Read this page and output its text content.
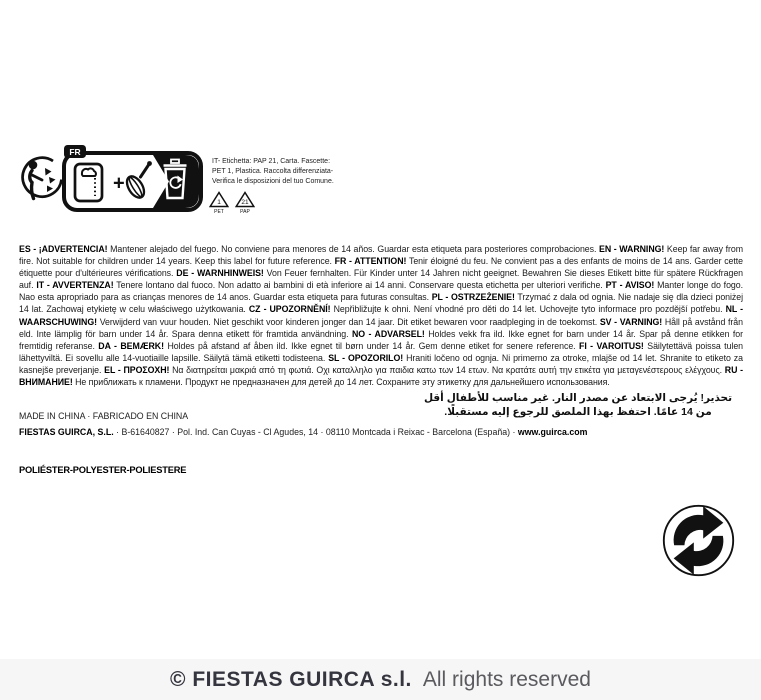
FR
+
IT- Etichetta: PAP 21, Carta. Fascette:
PET 1, Plastica. Raccolta differenziata-
Verifica le disposizioni del tuo Comune.
1
PET
21
PAP

ES - ¡ADVERTENCIA! Mantener alejado del fuego. No conviene para menores de 14 años. Guardar esta etiqueta para posteriores comprobaciones. EN - WARNING! Keep far away from fire. Not suitable for children under 14 years. Keep this label for future reference. FR - ATTENTION! Tenir éloigné du feu. Ne convient pas a des enfants de moins de 14 ans. Garder cette étiquette pour d'ultérieures vérifications. DE - WARNHINWEIS! Von Feuer fernhalten. Für Kinder unter 14 Jahren nicht geeignet. Bewahren Sie dieses Etikett bitte für spätere Rückfragen auf. IT - AVVERTENZA! Tenere lontano dal fuoco. Non adatto ai bambini di età inferiore ai 14 anni. Conservare questa etichetta per ulteriori verifiche. PT - AVISO! Manter longe do fogo. Nao esta apropriado para as crianças menores de 14 anos. Guardar esta etiqueta para futuras consultas. PL - OSTRZEŻENIE! Trzymać z dala od ognia. Nie nadaje się dla dzieci poniżej 14 lat. Zachowaj etykietę w celu właściwego użytkowania. CZ - UPOZORNĚNÍ! Nepřibližujte k ohni. Není vhodné pro děti do 14 let. Uchovejte tyto informace pro pozdější potřebu. NL - WAARSCHUWING! Verwijderd van vuur houden. Niet geschikt voor kinderen jonger dan 14 jaar. Dit etiket bewaren voor raadpleging in de toekomst. SV - VARNING! Håll på avstånd från eld. Inte lämplig för barn under 14 år. Spara denna etikett för framtida användning. NO - ADVARSEL! Holdes vekk fra ild. Ikke egnet for barn under 14 år. Spar på denne etikken for fremtidig referanse. DA - BEMÆRK! Holdes på afstand af åben ild. Ikke egnet til børn under 14 år. Gem denne etiket for senere reference. FI - VAROITUS! Säilytettävä poissa tulen lähettyviltä. Ei sovellu alle 14-vuotiaille lapsille. Säilytä tämä etiketti todisteena. SL - OPOZORILO! Hraniti ločeno od ognja. Ni primerno za otroke, mlajše od 14 let. Shranite to etiketo za kasnejše preverjanje. EL - ΠΡΟΣΟΧΗ! Να διατηρείται μακριά από τη φωτιά. Οχι καταλληλο για παιδια κατω των 14 ετων. Να κρατάτε αυτή την ετικέτα για μεταγενέστερους ελέγχους. RU - ВНИМАНИЕ! Не приближать к пламени. Продукт не предназначен для детей до 14 лет. Сохраните эту этикетку для дальнейшего использования.

تحذير! يُرجى الابتعاد عن مصدر النار. غير مناسب للأطفال أقل
من 14 عامًا. احتفظ بهذا الملصق للرجوع إليه مستقبلًا.
MADE IN CHINA · FABRICADO EN CHINA
FIESTAS GUIRCA, S.L. · B-61640827 · Pol. Ind. Can Cuyas - Cl Agudes, 14 · 08110 Montcada i Reixac - Barcelona (España) · www.guirca.com
POLIÉSTER-POLYESTER-POLIESTERE
© FIESTAS GUIRCA s.l. All rights reserved
